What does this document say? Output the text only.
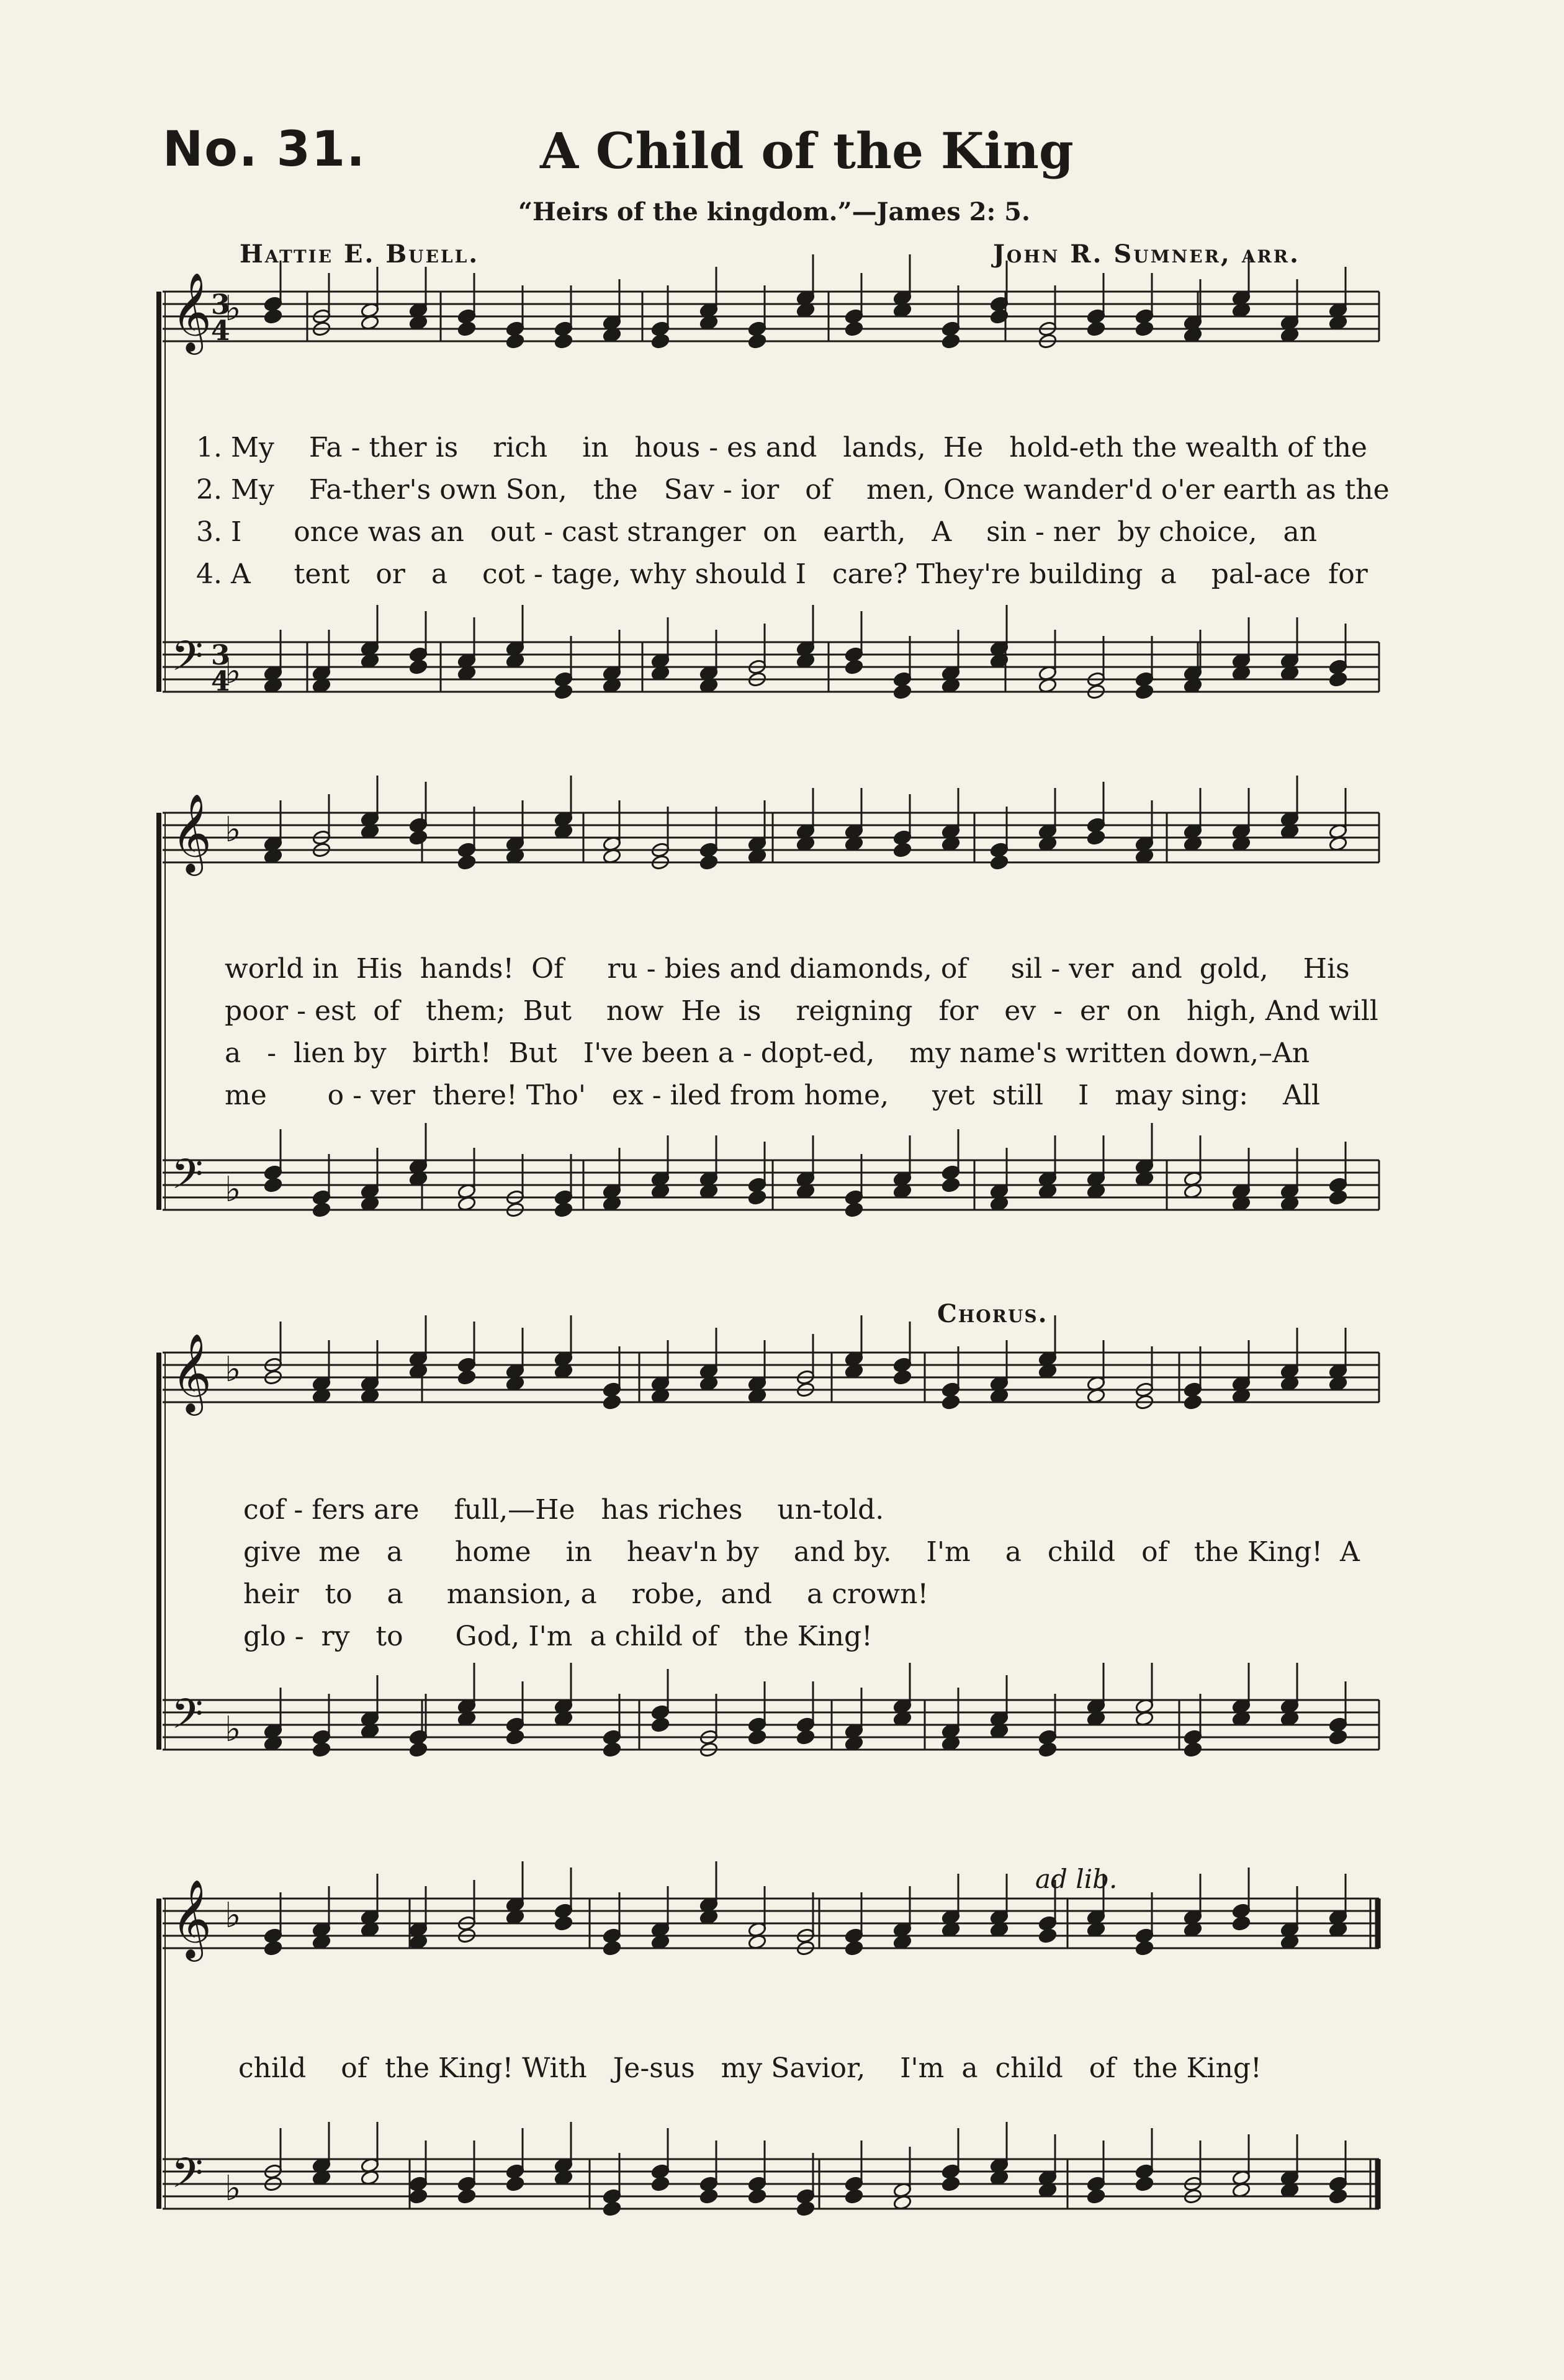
No. 31.	A Child of the King
“Heirs of the kingdom.”—James 2: 5.
Hattie E. Buell.	John R. Sumner, arr.
𝄞 ♭
𝄢 ♭
𝄞 ♭
𝄢 ♭
𝄞 ♭
𝄢 ♭
𝄞 ♭
𝄢 ♭
3
4
3
4
1. My    Fa - ther is    rich    in   hous - es and   lands,  He   hold-eth the wealth of the
2. My    Fa-ther's own Son,   the   Sav - ior   of    men, Once wander'd o'er earth as the
3. I      once was an   out - cast stranger  on   earth,   A    sin - ner  by choice,   an
4. A     tent   or   a    cot - tage, why should I   care? They're building  a    pal-ace  for
world in  His  hands!  Of     ru - bies and diamonds, of     sil - ver  and  gold,    His
poor - est  of   them;  But    now  He  is    reigning   for   ev  -  er  on   high, And will
a   -  lien by   birth!  But   I've been a - dopt-ed,    my name's written down,–An
me       o - ver  there! Tho'   ex - iled from home,     yet  still    I   may sing:    All
Chorus.
cof - fers are    full,—He   has riches    un-told.
give  me   a      home    in    heav'n by    and by.    I'm    a   child   of   the King!  A
heir   to    a     mansion, a    robe,  and    a crown!
glo -  ry   to      God, I'm  a child of   the King!
ad lib.
child    of  the King! With   Je-sus   my Savior,    I'm  a  child   of  the King!
